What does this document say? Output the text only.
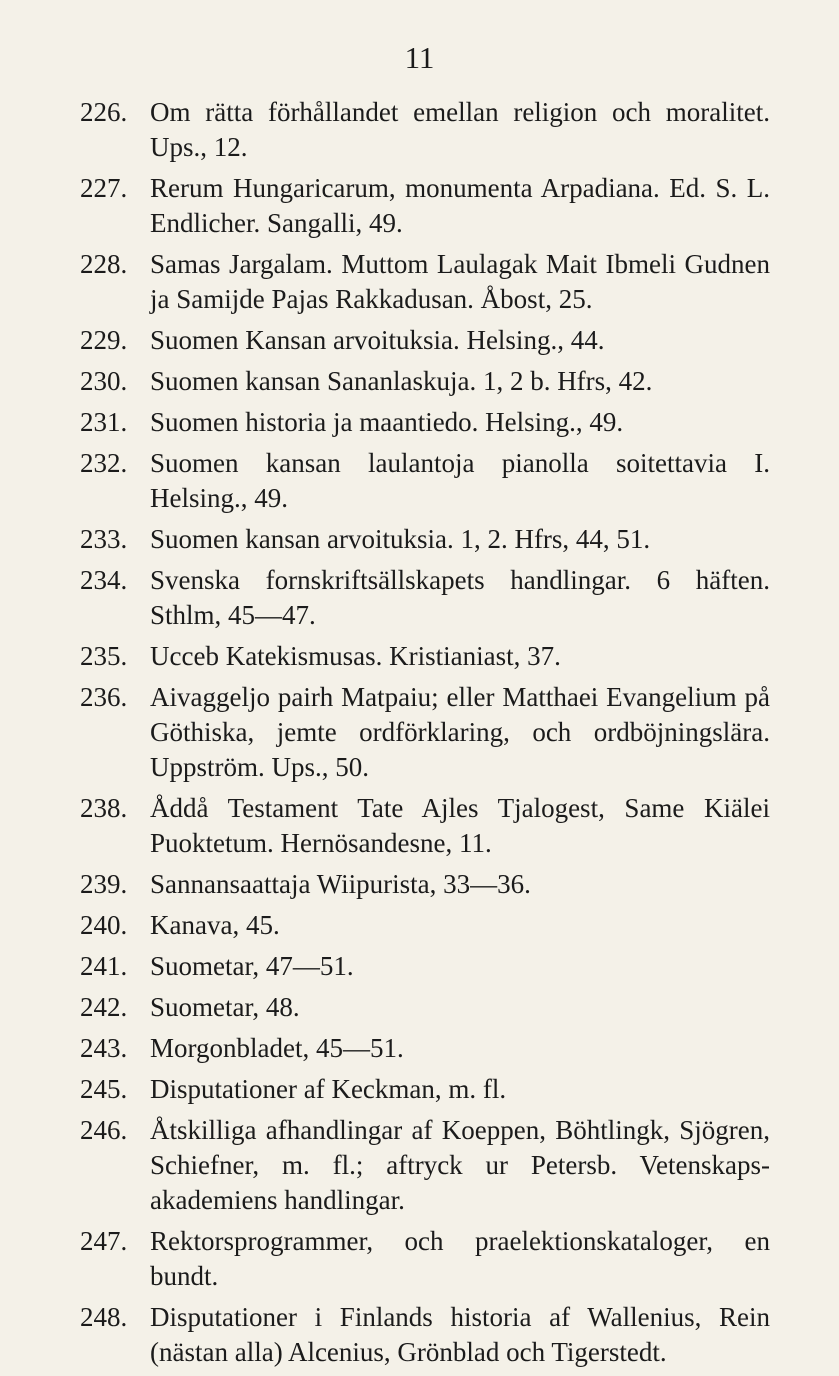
11
226. Om rätta förhållandet emellan religion och moralitet. Ups., 12.
227. Rerum Hungaricarum, monumenta Arpadiana. Ed. S. L. Endlicher. Sangalli, 49.
228. Samas Jargalam. Muttom Laulagak Mait Ibmeli Gudnen ja Samijde Pajas Rakkadusan. Åbost, 25.
229. Suomen Kansan arvoituksia. Helsing., 44.
230. Suomen kansan Sananlaskuja. 1, 2 b. Hfrs, 42.
231. Suomen historia ja maantiedo. Helsing., 49.
232. Suomen kansan laulantoja pianolla soitettavia I. Helsing., 49.
233. Suomen kansan arvoituksia. 1, 2. Hfrs, 44, 51.
234. Svenska fornskriftsällskapets handlingar. 6 häften. Sthlm, 45—47.
235. Ucceb Katekismusas. Kristianiast, 37.
236. Aivaggeljo pairh Matpaiu; eller Matthaei Evangelium på Göthiska, jemte ordförklaring, och ordböjningslära. Uppström. Ups., 50.
238. Åddå Testament Tate Ajles Tjalogest, Same Kiälei Puoktetum. Hernösandesne, 11.
239. Sannansaattaja Wiipurista, 33—36.
240. Kanava, 45.
241. Suometar, 47—51.
242. Suometar, 48.
243. Morgonbladet, 45—51.
245. Disputationer af Keckman, m. fl.
246. Åtskilliga afhandlingar af Koeppen, Böhtlingk, Sjögren, Schiefner, m. fl.; aftryck ur Petersb. Vetenskaps-akademiens handlingar.
247. Rektorsprogrammer, och praelektionskataloger, en bundt.
248. Disputationer i Finlands historia af Wallenius, Rein (nästan alla) Alcenius, Grönblad och Tigerstedt.
